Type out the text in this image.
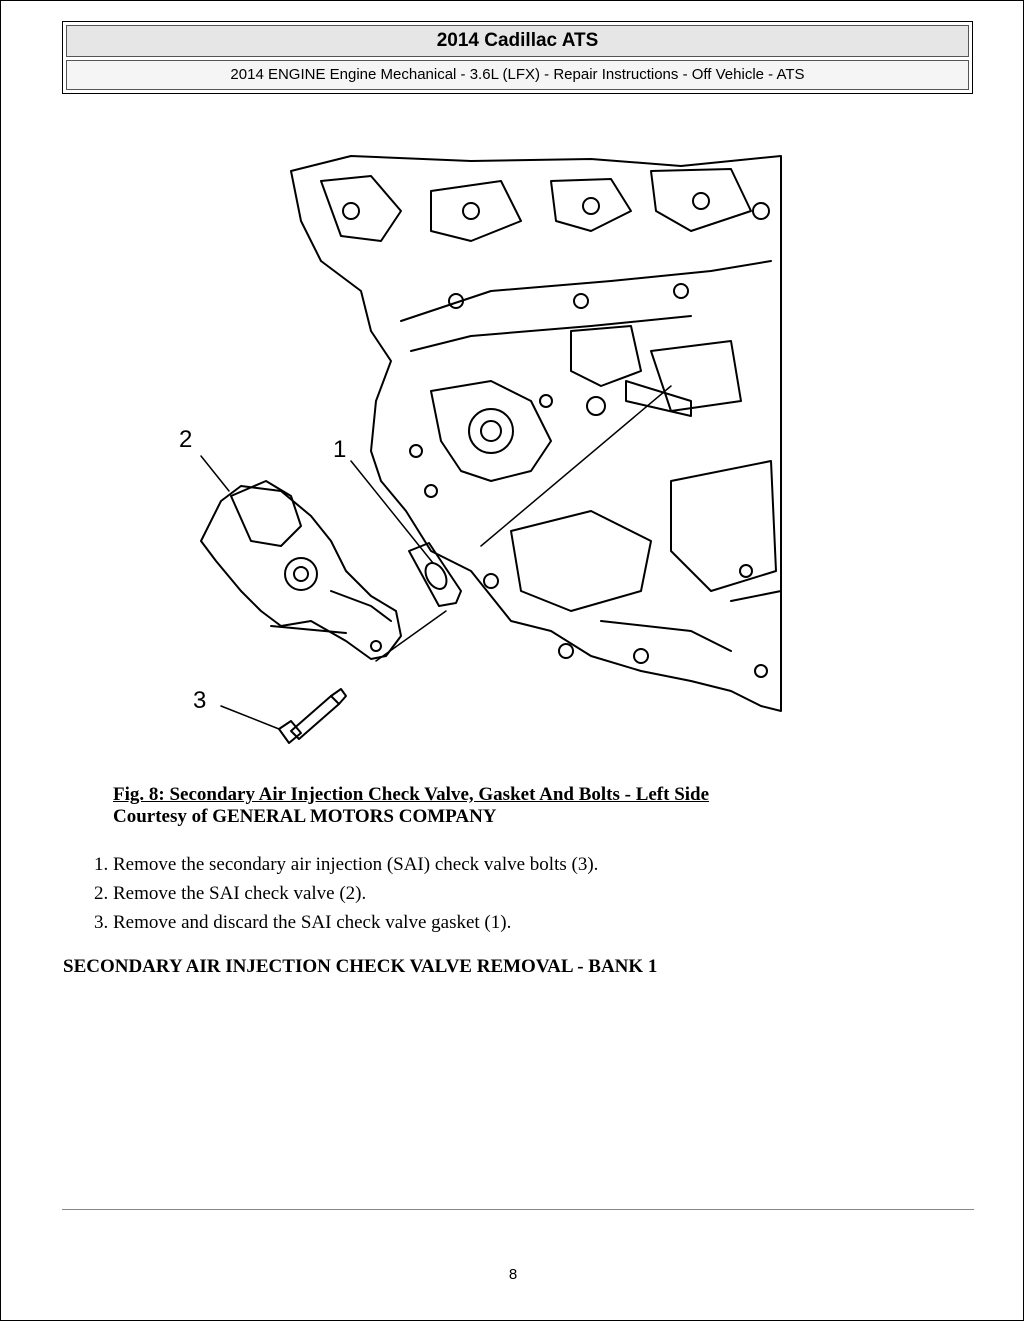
2014 Cadillac ATS
2014 ENGINE Engine Mechanical - 3.6L (LFX) - Repair Instructions - Off Vehicle - ATS
1
2
3
Fig. 8: Secondary Air Injection Check Valve, Gasket And Bolts - Left Side
Courtesy of GENERAL MOTORS COMPANY
1. Remove the secondary air injection (SAI) check valve bolts (3).
2. Remove the SAI check valve (2).
3. Remove and discard the SAI check valve gasket (1).
SECONDARY AIR INJECTION CHECK VALVE REMOVAL - BANK 1
8
